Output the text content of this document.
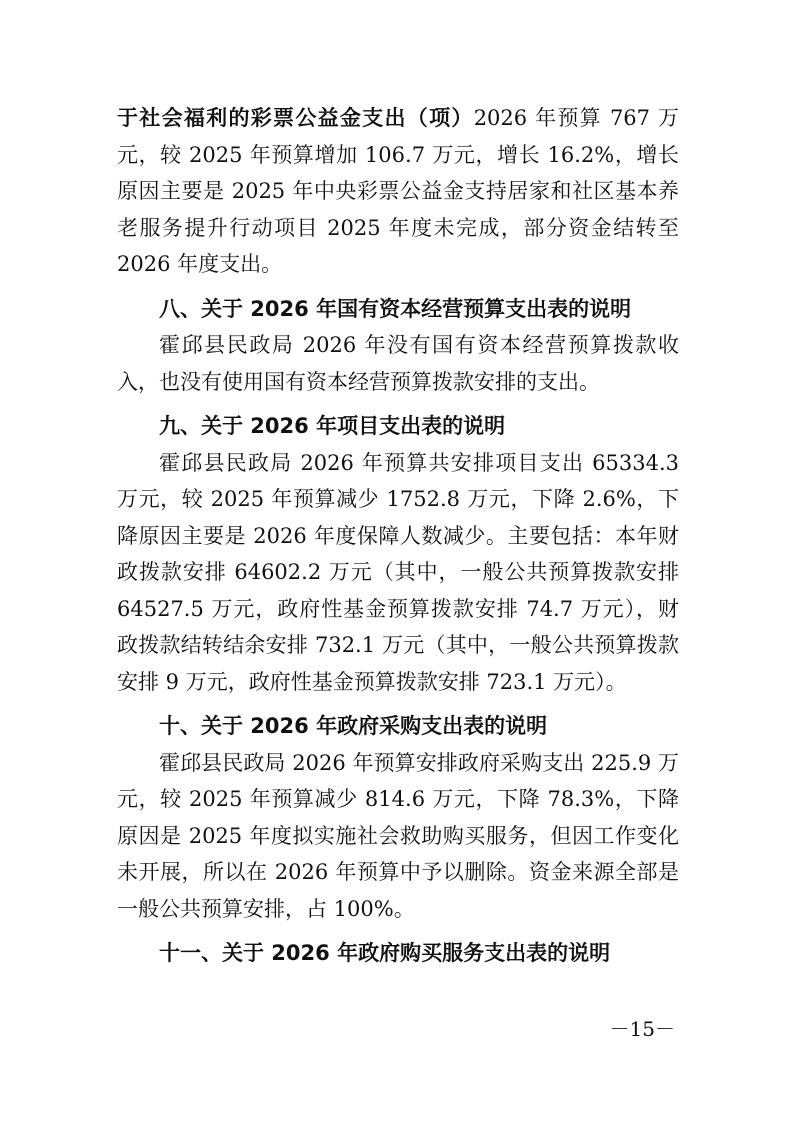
于社会福利的彩票公益金支出（项）2026 年预算 767 万元，较 2025 年预算增加 106.7 万元，增长 16.2%，增长原因主要是 2025 年中央彩票公益金支持居家和社区基本养老服务提升行动项目 2025 年度未完成，部分资金结转至 2026 年度支出。

八、关于 2026 年国有资本经营预算支出表的说明

霍邱县民政局 2026 年没有国有资本经营预算拨款收入，也没有使用国有资本经营预算拨款安排的支出。

九、关于 2026 年项目支出表的说明

霍邱县民政局 2026 年预算共安排项目支出 65334.3 万元，较 2025 年预算减少 1752.8 万元，下降 2.6%，下降原因主要是 2026 年度保障人数减少。主要包括：本年财政拨款安排 64602.2 万元（其中，一般公共预算拨款安排 64527.5 万元，政府性基金预算拨款安排 74.7 万元），财政拨款结转结余安排 732.1 万元（其中，一般公共预算拨款安排 9 万元，政府性基金预算拨款安排 723.1 万元）。

十、关于 2026 年政府采购支出表的说明

霍邱县民政局 2026 年预算安排政府采购支出 225.9 万元，较 2025 年预算减少 814.6 万元，下降 78.3%，下降原因是 2025 年度拟实施社会救助购买服务，但因工作变化未开展，所以在 2026 年预算中予以删除。资金来源全部是一般公共预算安排，占 100%。

十一、关于 2026 年政府购买服务支出表的说明
－15－
